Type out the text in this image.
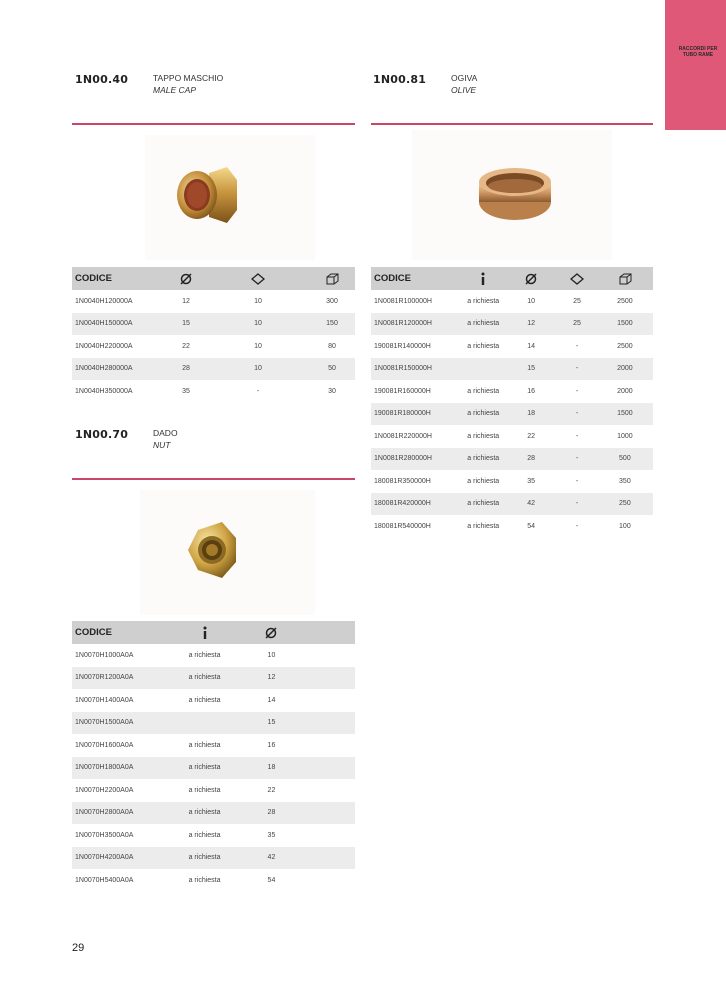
RACCORDI PER TUBO RAME
1N00.40	TAPPO MASCHIO
MALE CAP
CODICE			
1N0040H120000A	12	10	300
1N0040H150000A	15	10	150
1N0040H220000A	22	10	80
1N0040H280000A	28	10	50
1N0040H350000A	35	-	30
1N00.81	OGIVA
OLIVE
CODICE				
1N0081R100000H	a richiesta	10	25	2500
1N0081R120000H	a richiesta	12	25	1500
190081R140000H	a richiesta	14	-	2500
1N0081R150000H		15	-	2000
190081R160000H	a richiesta	16	-	2000
190081R180000H	a richiesta	18	-	1500
1N0081R220000H	a richiesta	22	-	1000
1N0081R280000H	a richiesta	28	-	500
180081R350000H	a richiesta	35	-	350
180081R420000H	a richiesta	42	-	250
180081R540000H	a richiesta	54	-	100
1N00.70	DADO
NUT
CODICE			
1N0070H1000A0A	a richiesta	10	
1N0070R1200A0A	a richiesta	12	
1N0070H1400A0A	a richiesta	14	
1N0070H1500A0A		15	
1N0070H1600A0A	a richiesta	16	
1N0070H1800A0A	a richiesta	18	
1N0070H2200A0A	a richiesta	22	
1N0070H2800A0A	a richiesta	28	
1N0070H3500A0A	a richiesta	35	
1N0070H4200A0A	a richiesta	42	
1N0070H5400A0A	a richiesta	54	
29
